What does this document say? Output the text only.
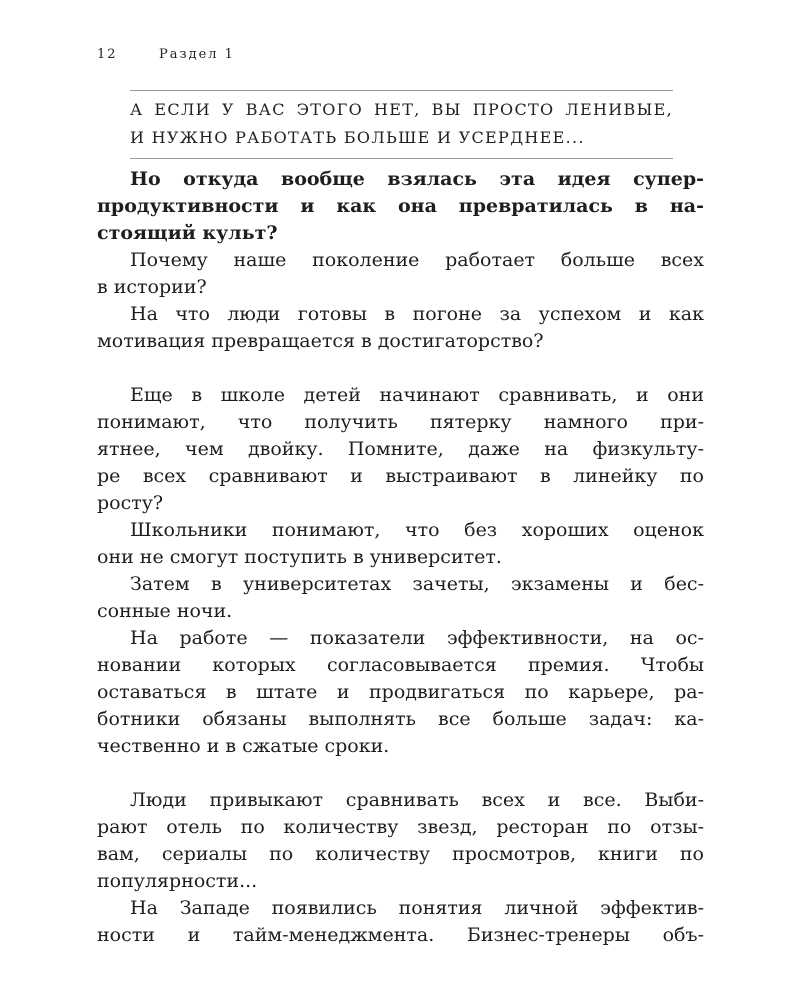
12	Раздел 1
А ЕСЛИ У ВАС ЭТОГО НЕТ, ВЫ ПРОСТО ЛЕНИВЫЕ,
И НУЖНО РАБОТАТЬ БОЛЬШЕ И УСЕРДНЕЕ...
Но откуда вообще взялась эта идея супер-
продуктивности и как она превратилась в на-
стоящий культ?
Почему наше поколение работает больше всех
в истории?
На что люди готовы в погоне за успехом и как
мотивация превращается в достигаторство?
Еще в школе детей начинают сравнивать, и они
понимают, что получить пятерку намного при-
ятнее, чем двойку. Помните, даже на физкульту-
ре всех сравнивают и выстраивают в линейку по
росту?
Школьники понимают, что без хороших оценок
они не смогут поступить в университет.
Затем в университетах зачеты, экзамены и бес-
сонные ночи.
На работе — показатели эффективности, на ос-
новании которых согласовывается премия. Чтобы
оставаться в штате и продвигаться по карьере, ра-
ботники обязаны выполнять все больше задач: ка-
чественно и в сжатые сроки.
Люди привыкают сравнивать всех и все. Выби-
рают отель по количеству звезд, ресторан по отзы-
вам, сериалы по количеству просмотров, книги по
популярности...
На Западе появились понятия личной эффектив-
ности и тайм-менеджмента. Бизнес-тренеры объ-
